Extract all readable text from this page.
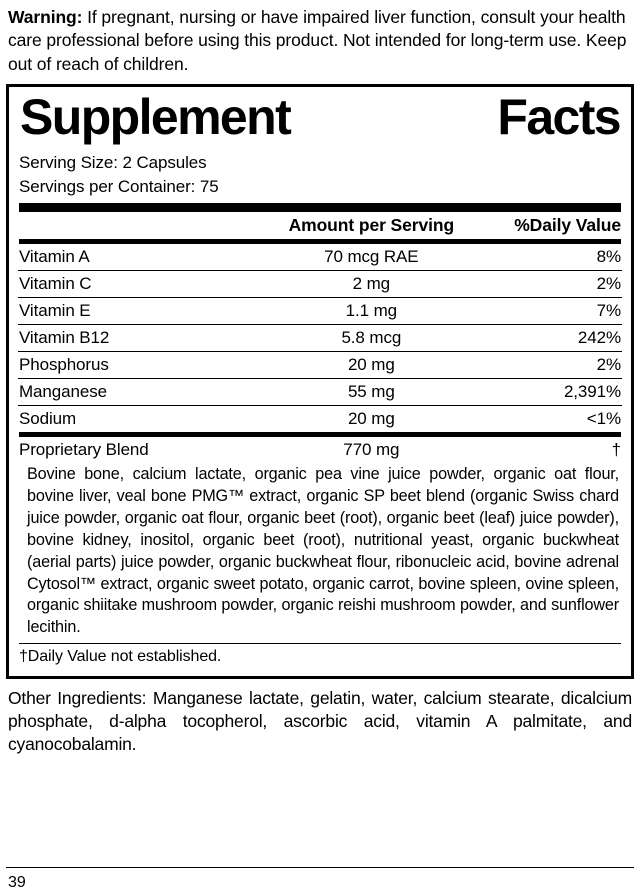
Warning: If pregnant, nursing or have impaired liver function, consult your health care professional before using this product. Not intended for long-term use. Keep out of reach of children.
Supplement	Facts
Serving Size: 2 Capsules
Servings per Container: 75
	Amount per Serving	%Daily Value
Vitamin A	70 mcg RAE	8%
Vitamin C	2 mg	2%
Vitamin E	1.1 mg	7%
Vitamin B12	5.8 mcg	242%
Phosphorus	20 mg	2%
Manganese	55 mg	2,391%
Sodium	20 mg	<1%
Proprietary Blend	770 mg	†
Bovine bone, calcium lactate, organic pea vine juice powder, organic oat flour, bovine liver, veal bone PMG™ extract, organic SP beet blend (organic Swiss chard juice powder, organic oat flour, organic beet (root), organic beet (leaf) juice powder), bovine kidney, inositol, organic beet (root), nutritional yeast, organic buckwheat (aerial parts) juice powder, organic buckwheat flour, ribonucleic acid, bovine adrenal Cytosol™ extract, organic sweet potato, organic carrot, bovine spleen, ovine spleen, organic shiitake mushroom powder, organic reishi mushroom powder, and sunflower lecithin.
†Daily Value not established.
Other Ingredients: Manganese lactate, gelatin, water, calcium stearate, dicalcium phosphate, d-alpha tocopherol, ascorbic acid, vitamin A palmitate, and cyanocobalamin.
39
